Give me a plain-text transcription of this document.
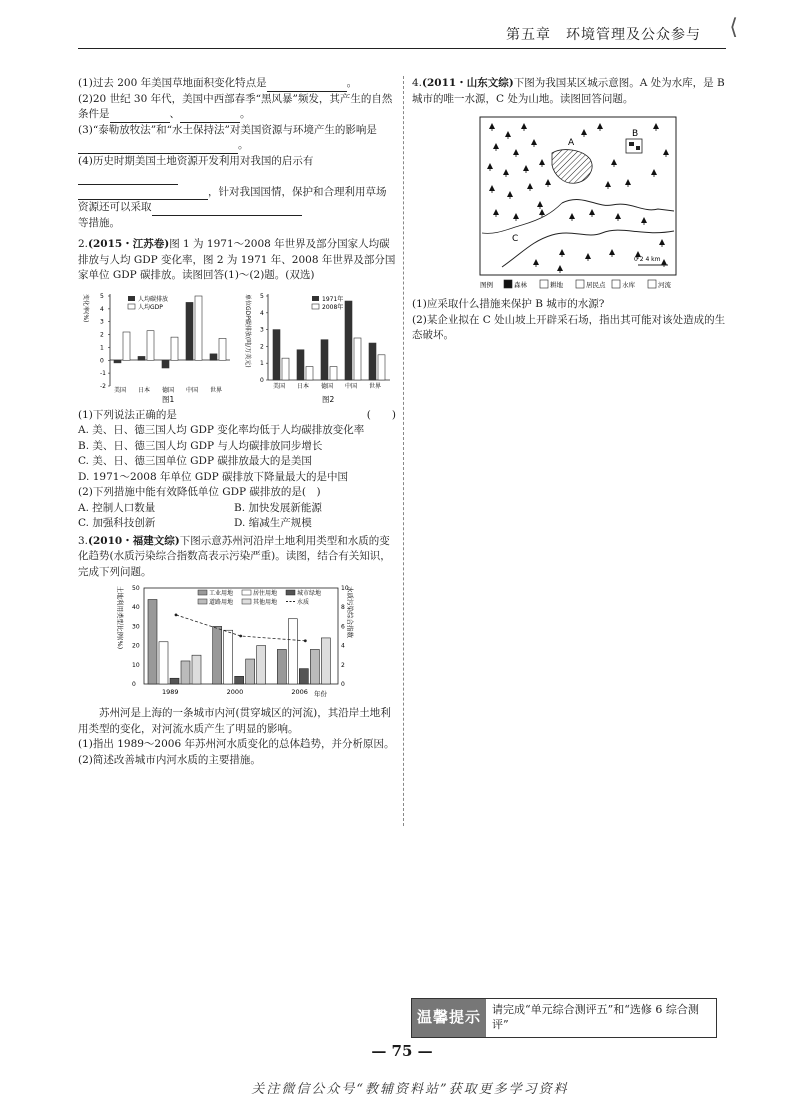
第五章　环境管理及公众参与 ⟨

(1)过去 200 年美国草地面积变化特点是	。

(2)20 世纪 30 年代，美国中西部春季“黑风暴”频发，其产生的自然条件是	、	。

(3)“泰勒放牧法”和“水土保持法”对美国资源与环境产生的影响是。

(4)历史时期美国土地资源开发利用对我国的启示有

，针对我国国情，保护和合理利用草场资源还可以采取

等措施。

2.(2015・江苏卷)图 1 为 1971～2008 年世界及部分国家人均碳排放与人均 GDP 变化率，图 2 为 1971 年、2008 年世界及部分国家单位 GDP 碳排放。读图回答(1)～(2)题。(双选)

变化率(%) 5
4
3
2
1
0
-1
-2
美国 日本 德国 中国 世界
人均碳排放
人均GDP
图1
单位GDP碳排放(吨/万美元) 5
4
3
2
1
0
美国 日本 德国 中国 世界
1971年
2008年
图2

(1)下列说法正确的是	(　　)

A. 美、日、德三国人均 GDP 变化率均低于人均碳排放变化率

B. 美、日、德三国人均 GDP 与人均碳排放同步增长

C. 美、日、德三国单位 GDP 碳排放最大的是美国

D. 1971～2008 年单位 GDP 碳排放下降量最大的是中国

(2)下列措施中能有效降低单位 GDP 碳排放的是(　)

A. 控制人口数量	B. 加快发展新能源

C. 加强科技创新	D. 缩减生产规模

3.(2010・福建文综)下图示意苏州河沿岸土地利用类型和水质的变化趋势(水质污染综合指数高表示污染严重)。读图，结合有关知识，完成下列问题。

土地利用类型比例(%)	水质污染综合指数
0
10
20
30
40
50
0
2
4
6
8
10
1989	2000	2006
工业用地	居住用地	城市绿地
道路用地	其他用地	水质
年份

苏州河是上海的一条城市内河(贯穿城区的河流)，其沿岸土地利用类型的变化，对河流水质产生了明显的影响。

(1)指出 1989～2006 年苏州河水质变化的总体趋势，并分析原因。

(2)简述改善城市内河水质的主要措施。

4.(2011・山东文综)下图为我国某区城示意图。A 处为水库，是 B 城市的唯一水源，C 处为山地。读图回答问题。

A
B
C
0 2 4 km
图例	森林	耕地	居民点	水库	河流

(1)应采取什么措施来保护 B 城市的水源?

(2)某企业拟在 C 处山坡上开辟采石场，指出其可能对该处造成的生态破坏。

温馨提示	请完成“单元综合测评五”和“选修 6 综合测评”
— 75 —
关注微信公众号“教辅资料站”获取更多学习资料
